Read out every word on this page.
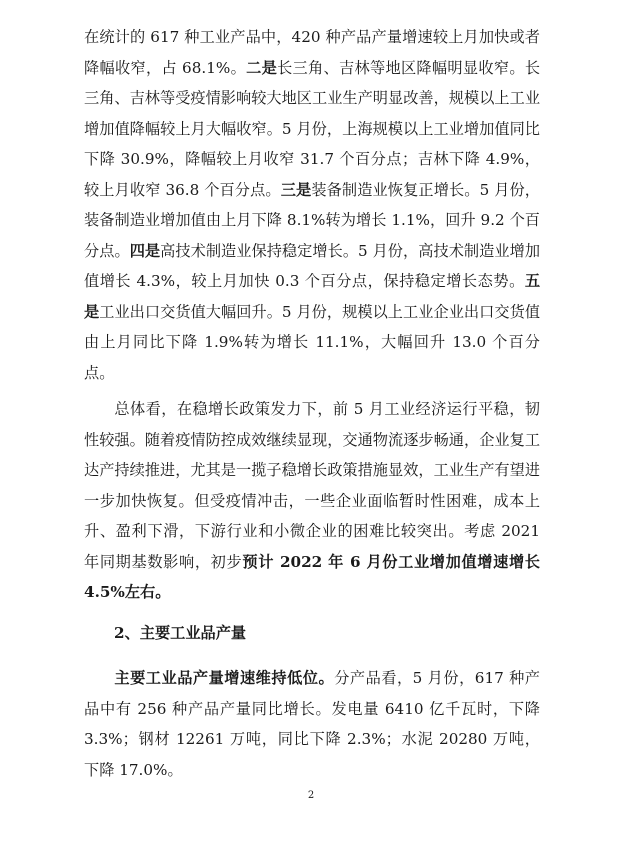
在统计的 617 种工业产品中，420 种产品产量增速较上月加快或者降幅收窄，占 68.1%。二是长三角、吉林等地区降幅明显收窄。长三角、吉林等受疫情影响较大地区工业生产明显改善，规模以上工业增加值降幅较上月大幅收窄。5 月份，上海规模以上工业增加值同比下降 30.9%，降幅较上月收窄 31.7 个百分点；吉林下降 4.9%，较上月收窄 36.8 个百分点。三是装备制造业恢复正增长。5 月份，装备制造业增加值由上月下降 8.1%转为增长 1.1%，回升 9.2 个百分点。四是高技术制造业保持稳定增长。5 月份，高技术制造业增加值增长 4.3%，较上月加快 0.3 个百分点，保持稳定增长态势。五是工业出口交货值大幅回升。5 月份，规模以上工业企业出口交货值由上月同比下降 1.9%转为增长 11.1%，大幅回升 13.0 个百分点。

总体看，在稳增长政策发力下，前 5 月工业经济运行平稳，韧性较强。随着疫情防控成效继续显现，交通物流逐步畅通，企业复工达产持续推进，尤其是一揽子稳增长政策措施显效，工业生产有望进一步加快恢复。但受疫情冲击，一些企业面临暂时性困难，成本上升、盈利下滑，下游行业和小微企业的困难比较突出。考虑 2021 年同期基数影响，初步预计 2022 年 6 月份工业增加值增速增长 4.5%左右。

2、主要工业品产量

主要工业品产量增速维持低位。分产品看，5 月份，617 种产品中有 256 种产品产量同比增长。发电量 6410 亿千瓦时，下降 3.3%；钢材 12261 万吨，同比下降 2.3%；水泥 20280 万吨，下降 17.0%。

2
